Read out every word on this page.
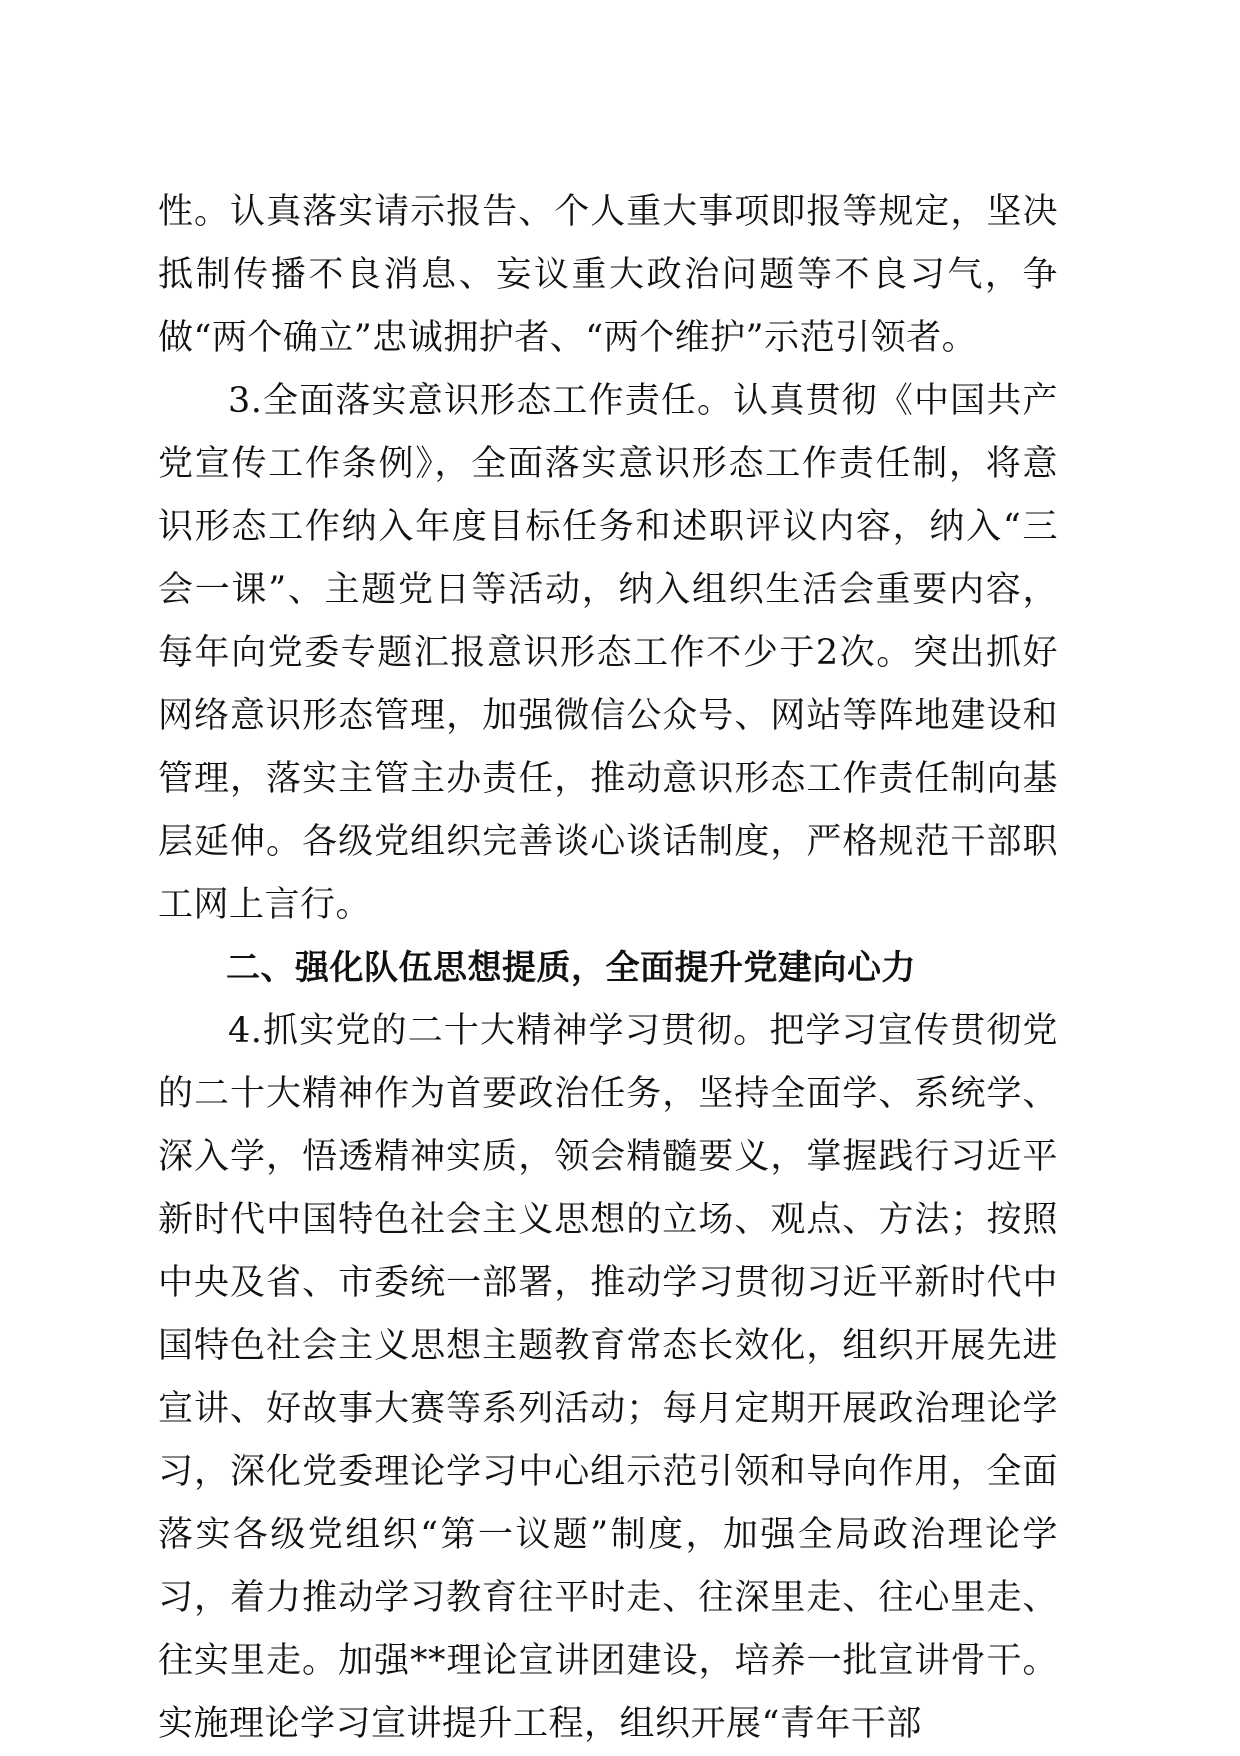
性。认真落实请示报告、个人重大事项即报等规定，坚决抵制传播不良消息、妄议重大政治问题等不良习气，争做“两个确立”忠诚拥护者、“两个维护”示范引领者。

3.全面落实意识形态工作责任。认真贯彻《中国共产党宣传工作条例》，全面落实意识形态工作责任制，将意识形态工作纳入年度目标任务和述职评议内容，纳入“三会一课”、主题党日等活动，纳入组织生活会重要内容，每年向党委专题汇报意识形态工作不少于2次。突出抓好网络意识形态管理，加强微信公众号、网站等阵地建设和管理，落实主管主办责任，推动意识形态工作责任制向基层延伸。各级党组织完善谈心谈话制度，严格规范干部职工网上言行。

二、强化队伍思想提质，全面提升党建向心力

4.抓实党的二十大精神学习贯彻。把学习宣传贯彻党的二十大精神作为首要政治任务，坚持全面学、系统学、深入学，悟透精神实质，领会精髓要义，掌握践行习近平新时代中国特色社会主义思想的立场、观点、方法；按照中央及省、市委统一部署，推动学习贯彻习近平新时代中国特色社会主义思想主题教育常态长效化，组织开展先进宣讲、好故事大赛等系列活动；每月定期开展政治理论学习，深化党委理论学习中心组示范引领和导向作用，全面落实各级党组织“第一议题”制度，加强全局政治理论学习，着力推动学习教育往平时走、往深里走、往心里走、往实里走。加强**理论宣讲团建设，培养一批宣讲骨干。实施理论学习宣讲提升工程，组织开展“青年干部
